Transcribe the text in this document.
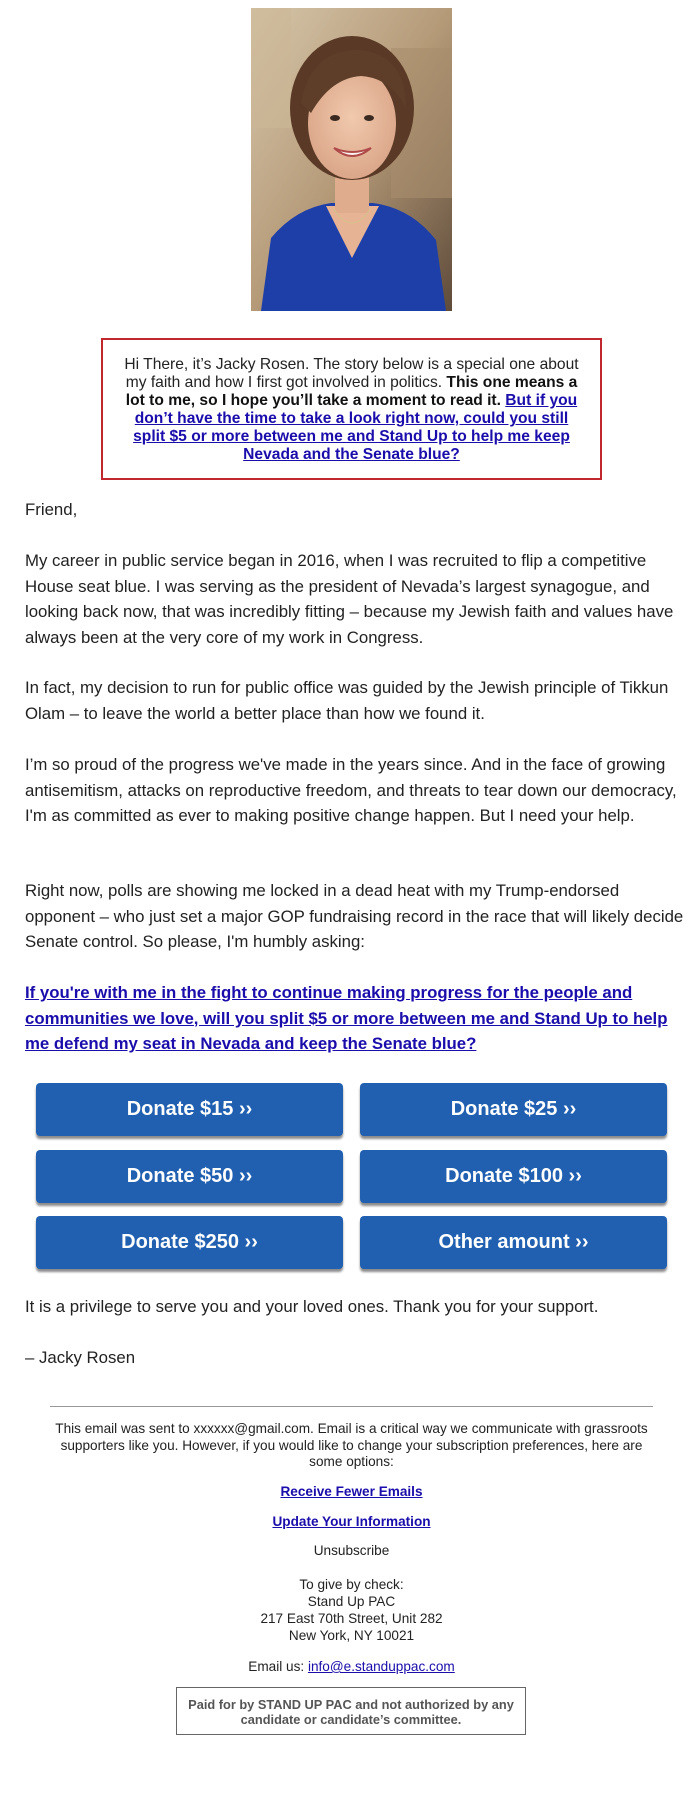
Hi There, it’s Jacky Rosen. The story below is a special one about my faith and how I first got involved in politics. This one means a lot to me, so I hope you’ll take a moment to read it. But if you don’t have the time to take a look right now, could you still split $5 or more between me and Stand Up to help me keep Nevada and the Senate blue?

Friend,

My career in public service began in 2016, when I was recruited to flip a competitive House seat blue. I was serving as the president of Nevada’s largest synagogue, and looking back now, that was incredibly fitting – because my Jewish faith and values have always been at the very core of my work in Congress.

In fact, my decision to run for public office was guided by the Jewish principle of Tikkun Olam – to leave the world a better place than how we found it.

I’m so proud of the progress we've made in the years since. And in the face of growing antisemitism, attacks on reproductive freedom, and threats to tear down our democracy, I'm as committed as ever to making positive change happen. But I need your help.

Right now, polls are showing me locked in a dead heat with my Trump-endorsed opponent – who just set a major GOP fundraising record in the race that will likely decide Senate control. So please, I'm humbly asking:

If you're with me in the fight to continue making progress for the people and communities we love, will you split $5 or more between me and Stand Up to help me defend my seat in Nevada and keep the Senate blue?

Donate $15 ››	Donate $25 ››
Donate $50 ››	Donate $100 ››
Donate $250 ››	Other amount ››

It is a privilege to serve you and your loved ones. Thank you for your support.

– Jacky Rosen

This email was sent to xxxxxx@gmail.com. Email is a critical way we communicate with grassroots supporters like you. However, if you would like to change your subscription preferences, here are some options:

Receive Fewer Emails

Update Your Information

Unsubscribe

To give by check:

Stand Up PAC

217 East 70th Street, Unit 282

New York, NY 10021

Email us: info@e.standuppac.com

Paid for by STAND UP PAC and not authorized by any candidate or candidate’s committee.
